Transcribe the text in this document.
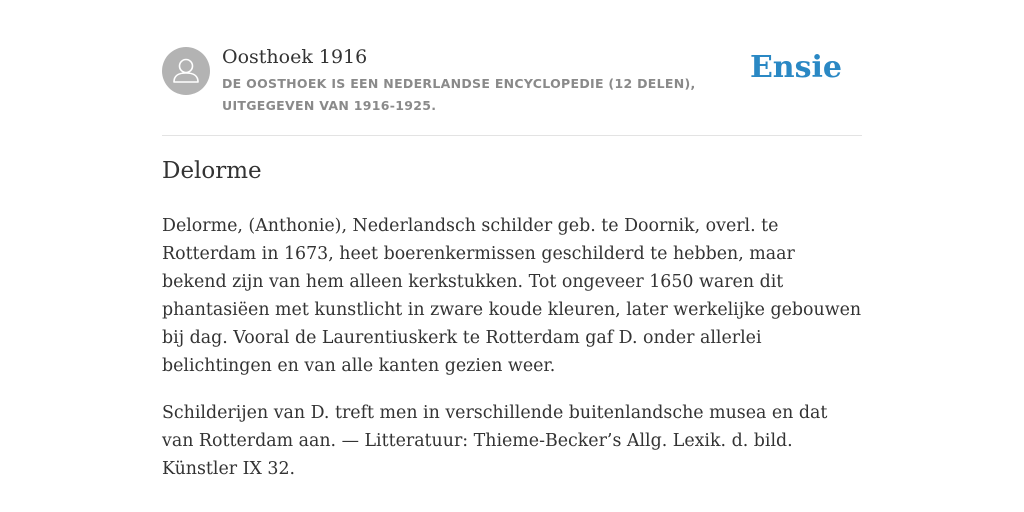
Oosthoek 1916
DE OOSTHOEK IS EEN NEDERLANDSE ENCYCLOPEDIE (12 DELEN), UITGEGEVEN VAN 1916-1925.
Ensie
Delorme

Delorme, (Anthonie), Nederlandsch schilder geb. te Doornik, overl. te Rotterdam in 1673, heet boerenkermissen geschilderd te hebben, maar bekend zijn van hem alleen kerkstukken. Tot ongeveer 1650 waren dit phantasiëen met kunstlicht in zware koude kleuren, later werkelijke gebouwen bij dag. Vooral de Laurentiuskerk te Rotterdam gaf D. onder allerlei belichtingen en van alle kanten gezien weer.

Schilderijen van D. treft men in verschillende buitenlandsche musea en dat van Rotterdam aan. — Litteratuur: Thieme-Becker’s Allg. Lexik. d. bild. Künstler IX 32.
